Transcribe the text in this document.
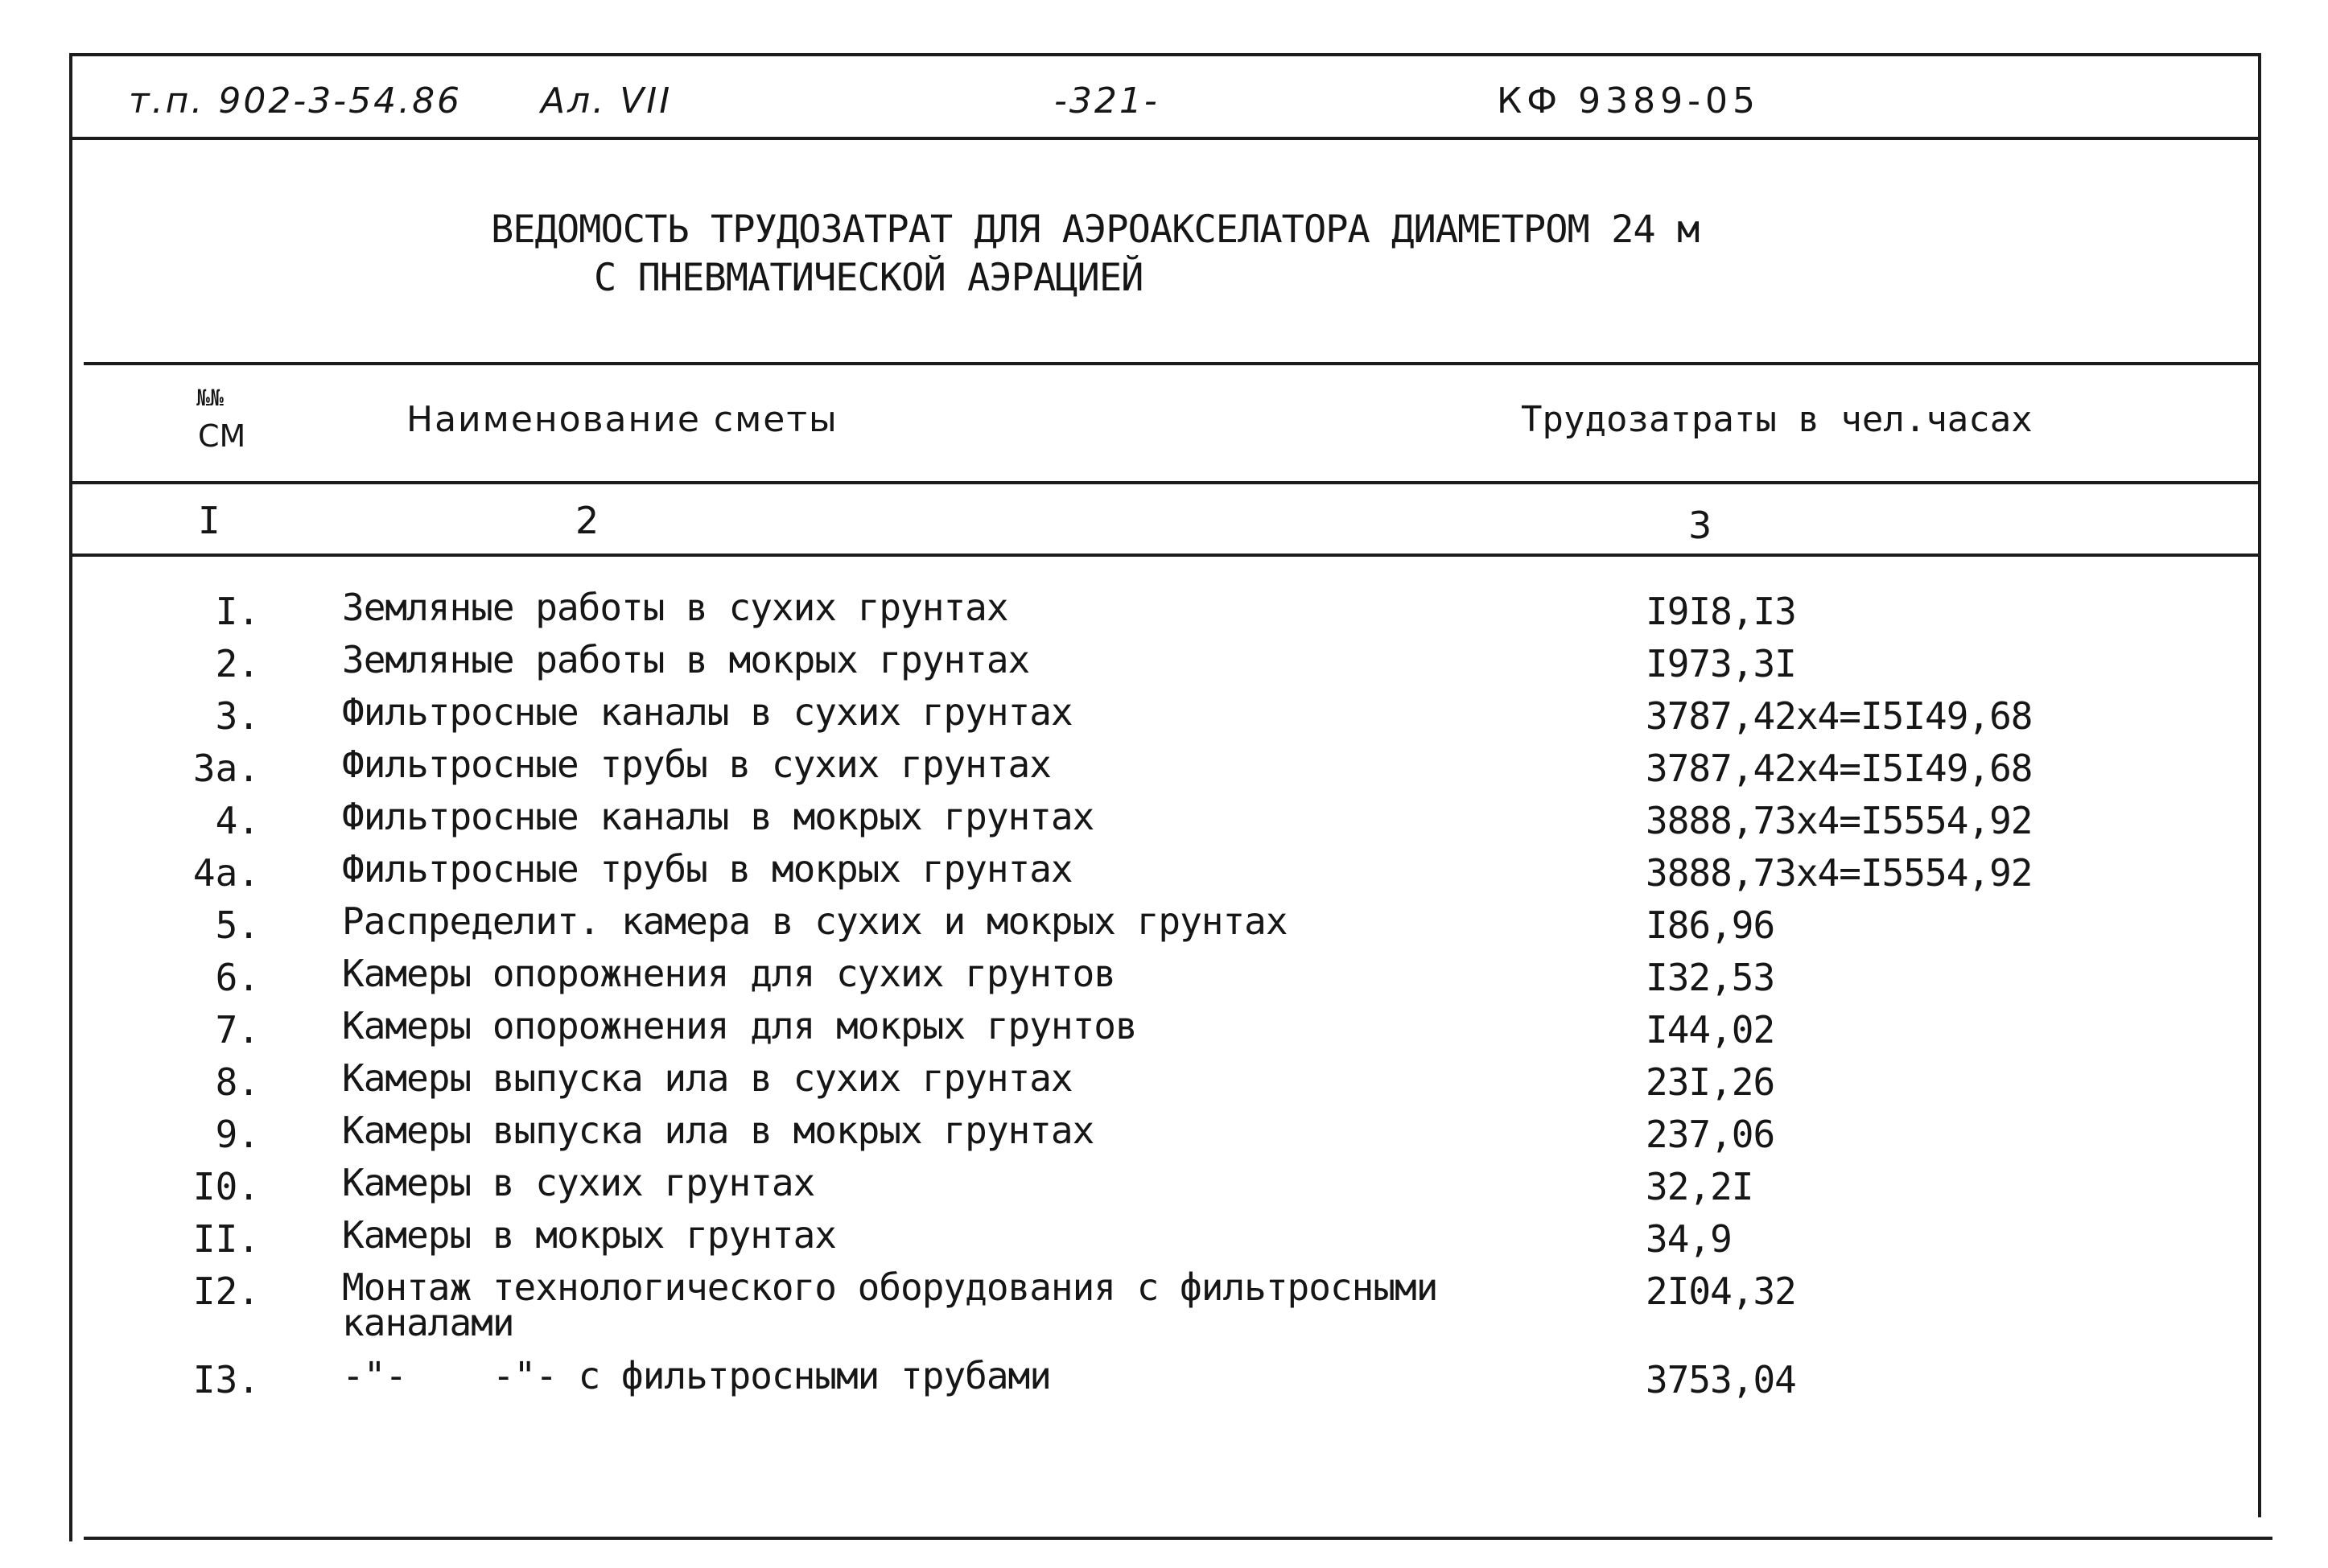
т.п. 902-3-54.86 Ал. VII	-321-	КФ 9389-05
ВЕДОМОСТЬ ТРУДОЗАТРАТ ДЛЯ АЭРОАКСЕЛАТОРА ДИАМЕТРОМ 24 м
С ПНЕВМАТИЧЕСКОЙ АЭРАЦИЕЙ
№№
СМ	Наименование сметы	Трудозатраты в чел.часах
I	2	3
I. Земляные работы в сухих грунтах	I9I8,I3
2. Земляные работы в мокрых грунтах	I973,3I
3. Фильтросные каналы в сухих грунтах	3787,42х4=I5I49,68
3а. Фильтросные трубы в сухих грунтах	3787,42х4=I5I49,68
4. Фильтросные каналы в мокрых грунтах	3888,73х4=I5554,92
4а. Фильтросные трубы в мокрых грунтах	3888,73х4=I5554,92
5. Распределит. камера в сухих и мокрых грунтах	I86,96
6. Камеры опорожнения для сухих грунтов	I32,53
7. Камеры опорожнения для мокрых грунтов	I44,02
8. Камеры выпуска ила в сухих грунтах	23I,26
9. Камеры выпуска ила в мокрых грунтах	237,06
I0. Камеры в сухих грунтах	32,2I
II. Камеры в мокрых грунтах	34,9
I2. Монтаж технологического оборудования с фильтросными каналами
2I04,32
I3. -"-    -"- с фильтросными трубами	3753,04
